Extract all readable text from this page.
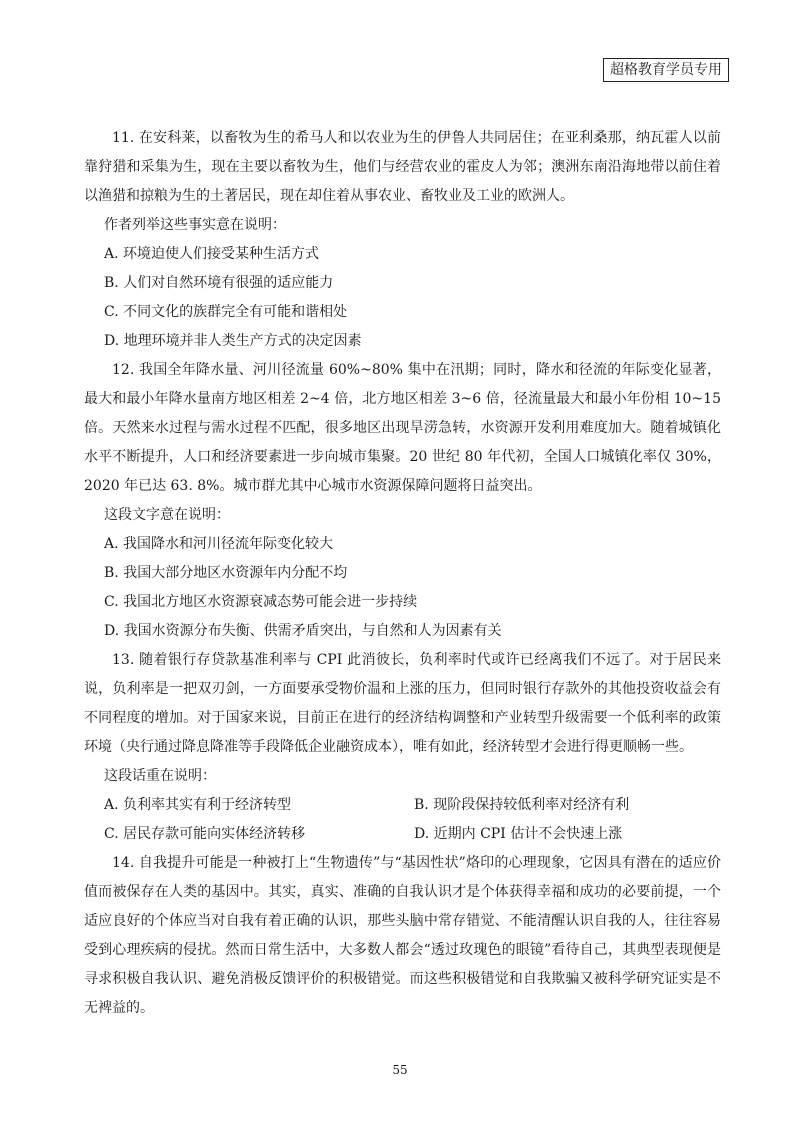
超格教育学员专用

11. 在安科莱，以畜牧为生的希马人和以农业为生的伊鲁人共同居住；在亚利桑那，纳瓦霍人以前靠狩猎和采集为生，现在主要以畜牧为生，他们与经营农业的霍皮人为邻；澳洲东南沿海地带以前住着以渔猎和掠粮为生的土著居民，现在却住着从事农业、畜牧业及工业的欧洲人。

作者列举这些事实意在说明：

A. 环境迫使人们接受某种生活方式

B. 人们对自然环境有很强的适应能力

C. 不同文化的族群完全有可能和谐相处

D. 地理环境并非人类生产方式的决定因素

12. 我国全年降水量、河川径流量 60%~80% 集中在汛期；同时，降水和径流的年际变化显著，最大和最小年降水量南方地区相差 2~4 倍，北方地区相差 3~6 倍，径流量最大和最小年份相 10~15 倍。天然来水过程与需水过程不匹配，很多地区出现旱涝急转，水资源开发利用难度加大。随着城镇化水平不断提升，人口和经济要素进一步向城市集聚。20 世纪 80 年代初，全国人口城镇化率仅 30%，2020 年已达 63. 8%。城市群尤其中心城市水资源保障问题将日益突出。

这段文字意在说明：

A. 我国降水和河川径流年际变化较大

B. 我国大部分地区水资源年内分配不均

C. 我国北方地区水资源衰减态势可能会进一步持续

D. 我国水资源分布失衡、供需矛盾突出，与自然和人为因素有关

13. 随着银行存贷款基准利率与 CPI 此消彼长，负利率时代或许已经离我们不远了。对于居民来说，负利率是一把双刃剑，一方面要承受物价温和上涨的压力，但同时银行存款外的其他投资收益会有不同程度的增加。对于国家来说，目前正在进行的经济结构调整和产业转型升级需要一个低利率的政策环境（央行通过降息降准等手段降低企业融资成本），唯有如此，经济转型才会进行得更顺畅一些。

这段话重在说明：

A. 负利率其实有利于经济转型	B. 现阶段保持较低利率对经济有利
C. 居民存款可能向实体经济转移	D. 近期内 CPI 估计不会快速上涨

14. 自我提升可能是一种被打上“生物遗传”与“基因性状”烙印的心理现象，它因具有潜在的适应价值而被保存在人类的基因中。其实，真实、准确的自我认识才是个体获得幸福和成功的必要前提，一个适应良好的个体应当对自我有着正确的认识，那些头脑中常存错觉、不能清醒认识自我的人，往往容易受到心理疾病的侵扰。然而日常生活中，大多数人都会“透过玫瑰色的眼镜”看待自己，其典型表现便是寻求积极自我认识、避免消极反馈评价的积极错觉。而这些积极错觉和自我欺骗又被科学研究证实是不无裨益的。

55
